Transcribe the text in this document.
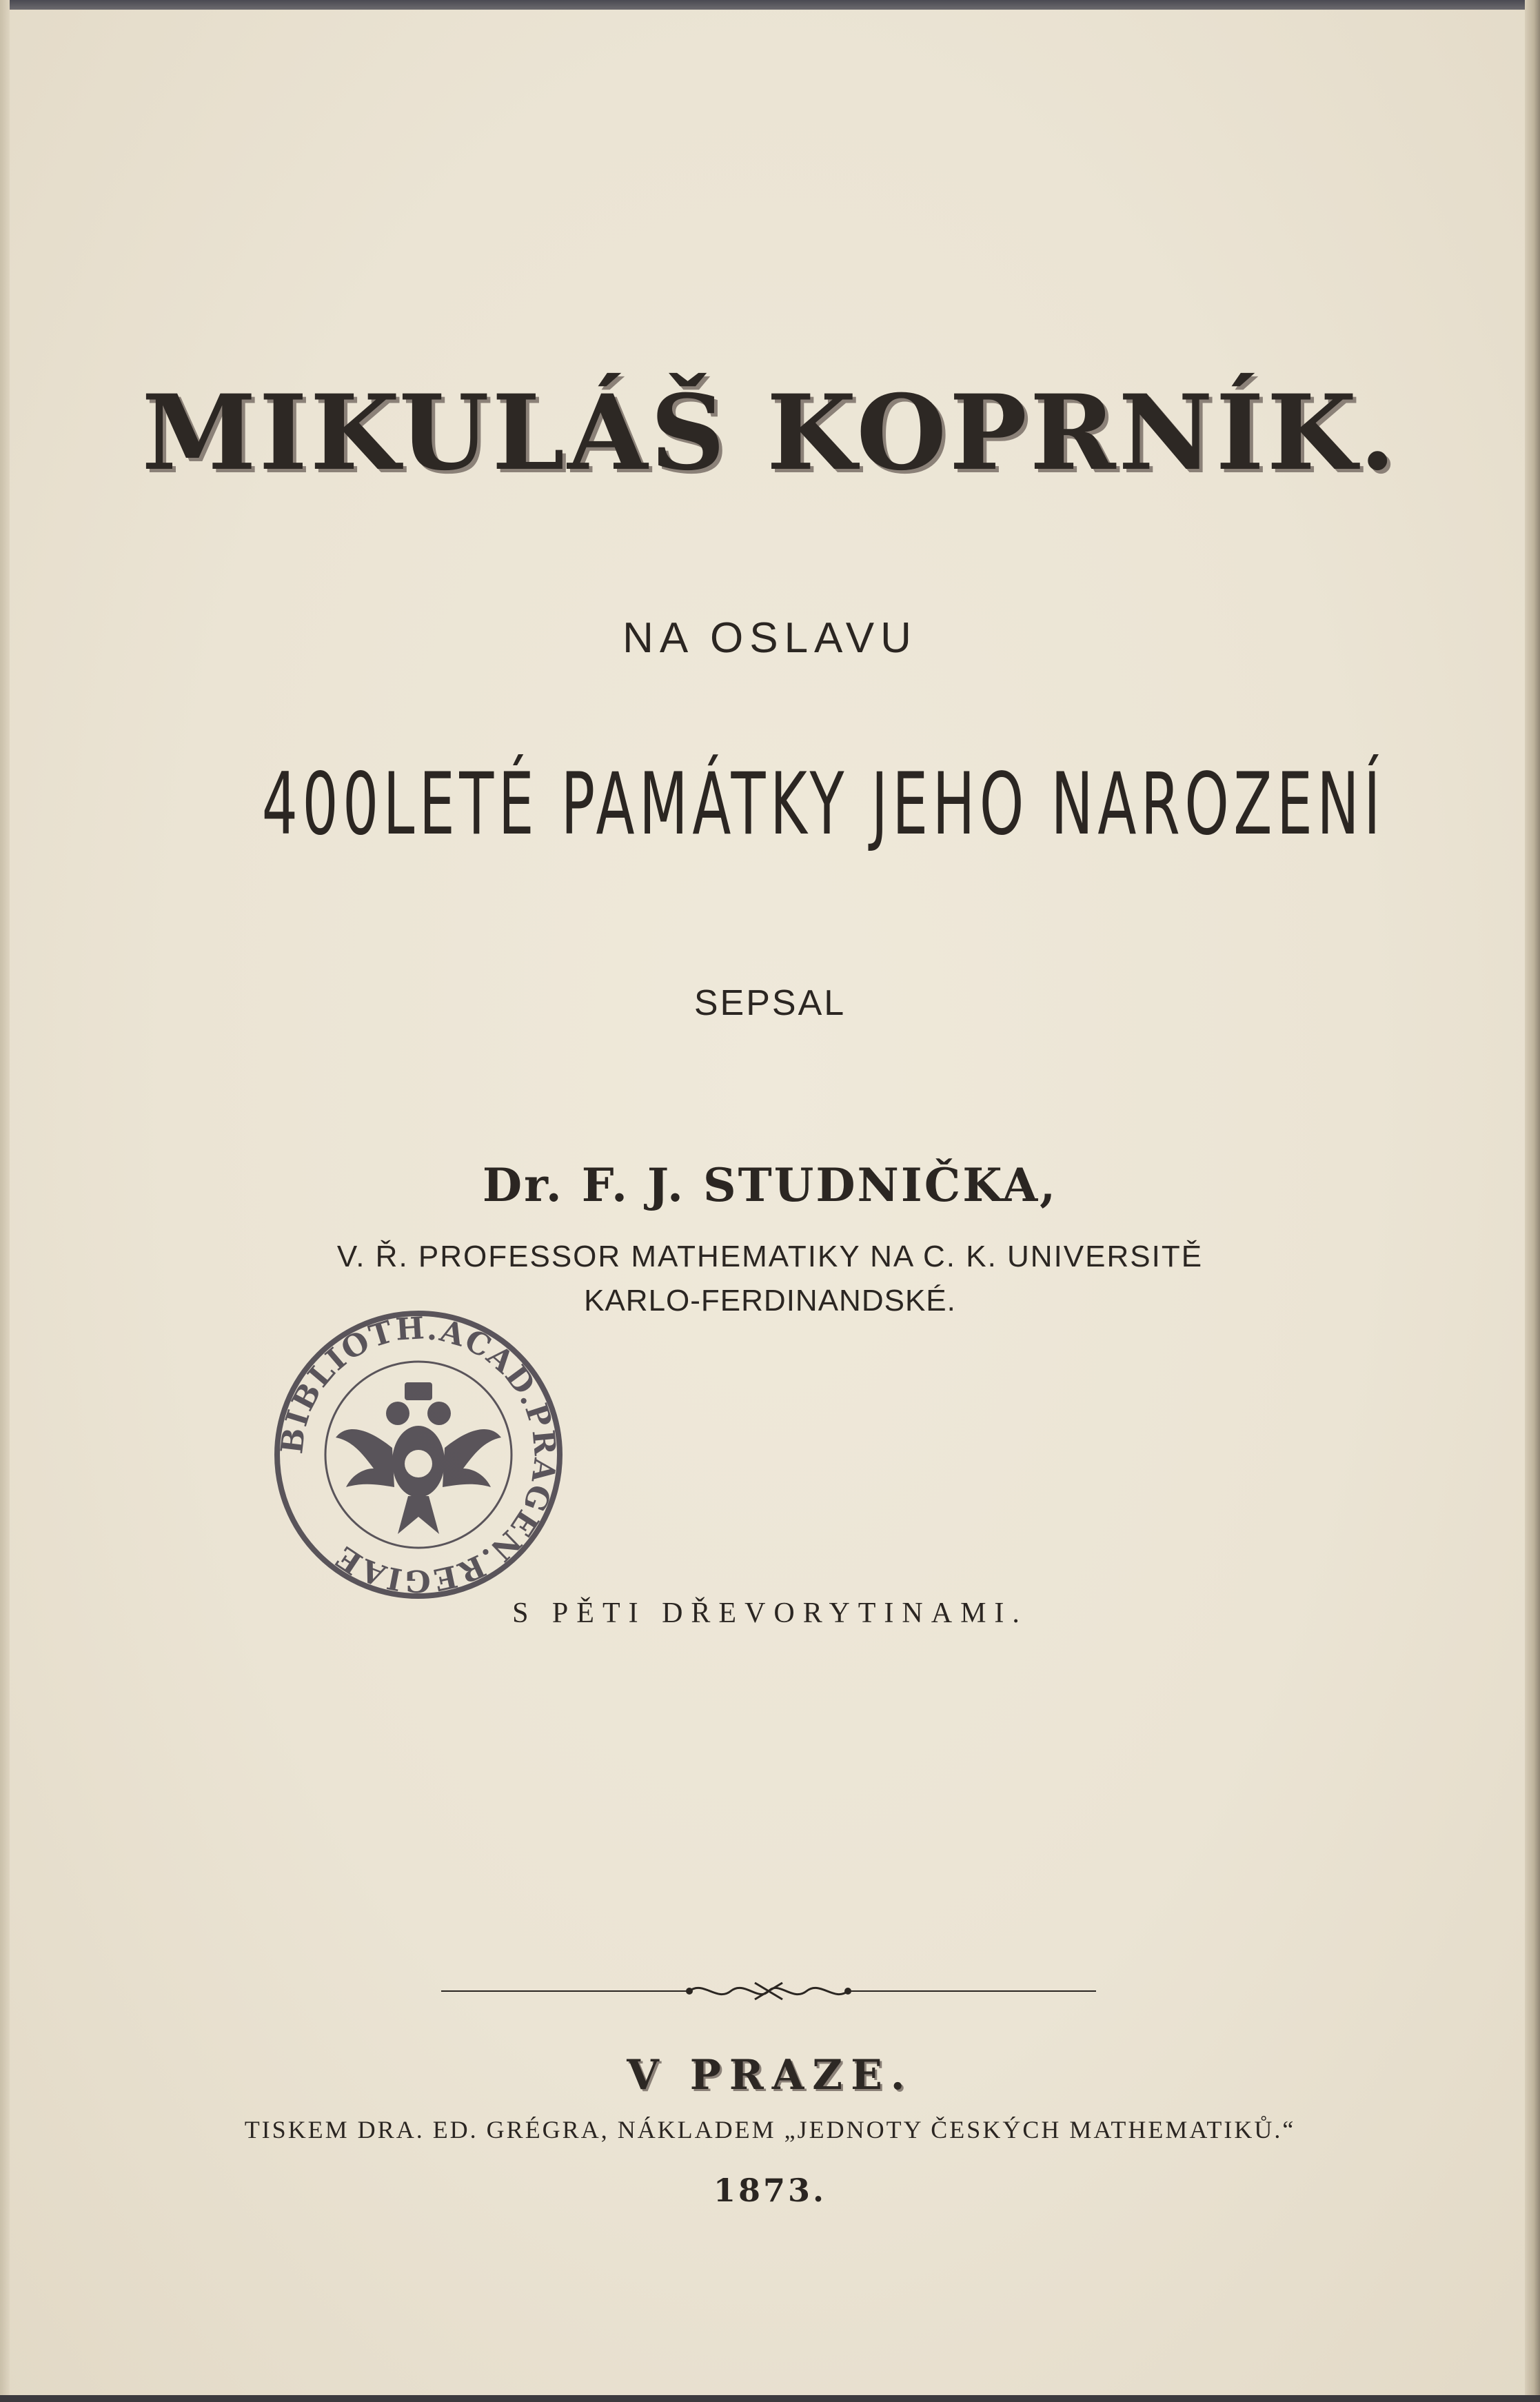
MIKULÁŠ KOPRNÍK.
NA OSLAVU
400LETÉ PAMÁTKY JEHO NAROZENÍ
SEPSAL
Dr. F. J. STUDNIČKA,
V. Ř. PROFESSOR MATHEMATIKY NA C. K. UNIVERSITĚ
KARLO-FERDINANDSKÉ.
BIBLIOTH.ACAD.PRAGEN.REGIAE
S PĚTI DŘEVORYTINAMI.
V PRAZE.
TISKEM DRA. ED. GRÉGRA, NÁKLADEM „JEDNOTY ČESKÝCH MATHEMATIKŮ.“
1873.
